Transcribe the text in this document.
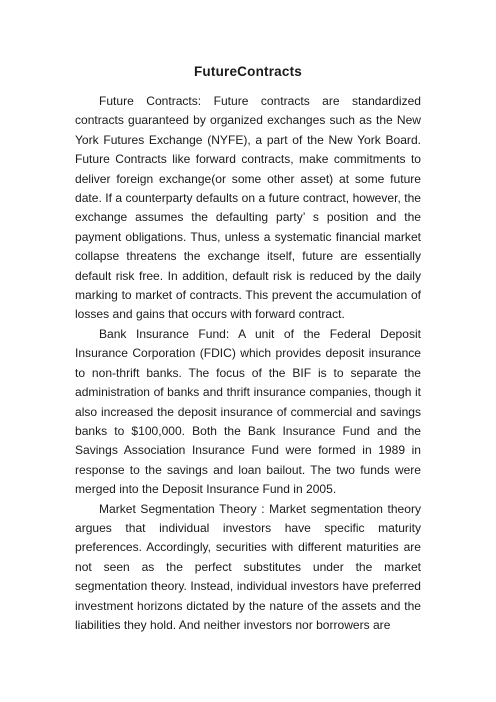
FutureContracts

Future Contracts: Future contracts are standardized contracts guaranteed by organized exchanges such as the New York Futures Exchange (NYFE), a part of the New York Board. Future Contracts like forward contracts, make commitments to deliver foreign exchange(or some other asset) at some future date. If a counterparty defaults on a future contract, however, the exchange assumes the defaulting party’ s position and the payment obligations. Thus, unless a systematic financial market collapse threatens the exchange itself, future are essentially default risk free. In addition, default risk is reduced by the daily marking to market of contracts. This prevent the accumulation of losses and gains that occurs with forward contract.

Bank Insurance Fund: A unit of the Federal Deposit Insurance Corporation (FDIC) which provides deposit insurance to non-thrift banks. The focus of the BIF is to separate the administration of banks and thrift insurance companies, though it also increased the deposit insurance of commercial and savings banks to $100,000. Both the Bank Insurance Fund and the Savings Association Insurance Fund were formed in 1989 in response to the savings and loan bailout. The two funds were merged into the Deposit Insurance Fund in 2005.

Market Segmentation Theory : Market segmentation theory argues that individual investors have specific maturity preferences. Accordingly, securities with different maturities are not seen as the perfect substitutes under the market segmentation theory. Instead, individual investors have preferred investment horizons dictated by the nature of the assets and the liabilities they hold. And neither investors nor borrowers are
